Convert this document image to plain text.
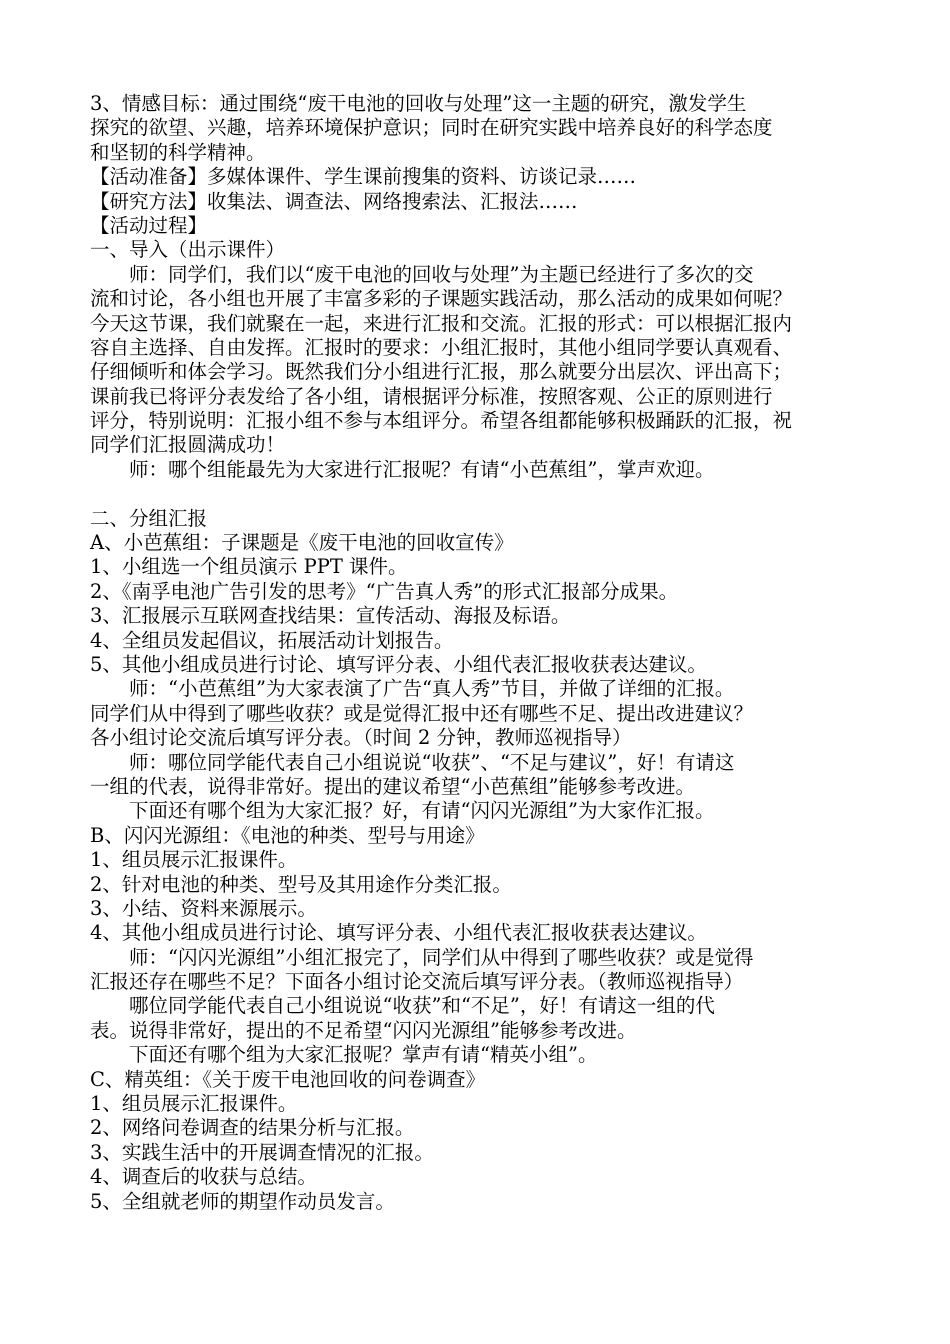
3、情感目标：通过围绕“废干电池的回收与处理”这一主题的研究，激发学生
探究的欲望、兴趣，培养环境保护意识；同时在研究实践中培养良好的科学态度
和坚韧的科学精神。
【活动准备】多媒体课件、学生课前搜集的资料、访谈记录……
【研究方法】收集法、调查法、网络搜索法、汇报法……
【活动过程】
一、导入（出示课件）
师：同学们，我们以“废干电池的回收与处理”为主题已经进行了多次的交
流和讨论，各小组也开展了丰富多彩的子课题实践活动，那么活动的成果如何呢？
今天这节课，我们就聚在一起，来进行汇报和交流。汇报的形式：可以根据汇报内
容自主选择、自由发挥。汇报时的要求：小组汇报时，其他小组同学要认真观看、
仔细倾听和体会学习。既然我们分小组进行汇报，那么就要分出层次、评出高下；
课前我已将评分表发给了各小组，请根据评分标准，按照客观、公正的原则进行
评分，特别说明：汇报小组不参与本组评分。希望各组都能够积极踊跃的汇报，祝
同学们汇报圆满成功！
师：哪个组能最先为大家进行汇报呢？有请“小芭蕉组”，掌声欢迎。
二、分组汇报
A、小芭蕉组：子课题是《废干电池的回收宣传》
1、小组选一个组员演示 PPT 课件。
2、《南孚电池广告引发的思考》“广告真人秀”的形式汇报部分成果。
3、汇报展示互联网查找结果：宣传活动、海报及标语。
4、全组员发起倡议，拓展活动计划报告。
5、其他小组成员进行讨论、填写评分表、小组代表汇报收获表达建议。
师：“小芭蕉组”为大家表演了广告“真人秀”节目，并做了详细的汇报。
同学们从中得到了哪些收获？或是觉得汇报中还有哪些不足、提出改进建议？
各小组讨论交流后填写评分表。（时间 2 分钟，教师巡视指导）
师：哪位同学能代表自己小组说说“收获”、“不足与建议”，好！有请这
一组的代表，说得非常好。提出的建议希望“小芭蕉组”能够参考改进。
下面还有哪个组为大家汇报？好，有请“闪闪光源组”为大家作汇报。
B、闪闪光源组：《电池的种类、型号与用途》
1、组员展示汇报课件。
2、针对电池的种类、型号及其用途作分类汇报。
3、小结、资料来源展示。
4、其他小组成员进行讨论、填写评分表、小组代表汇报收获表达建议。
师：“闪闪光源组”小组汇报完了，同学们从中得到了哪些收获？或是觉得
汇报还存在哪些不足？下面各小组讨论交流后填写评分表。（教师巡视指导）
哪位同学能代表自己小组说说“收获”和“不足”，好！有请这一组的代
表。说得非常好，提出的不足希望“闪闪光源组”能够参考改进。
下面还有哪个组为大家汇报呢？掌声有请“精英小组”。
C、精英组：《关于废干电池回收的问卷调查》
1、组员展示汇报课件。
2、网络问卷调查的结果分析与汇报。
3、实践生活中的开展调查情况的汇报。
4、调查后的收获与总结。
5、全组就老师的期望作动员发言。
